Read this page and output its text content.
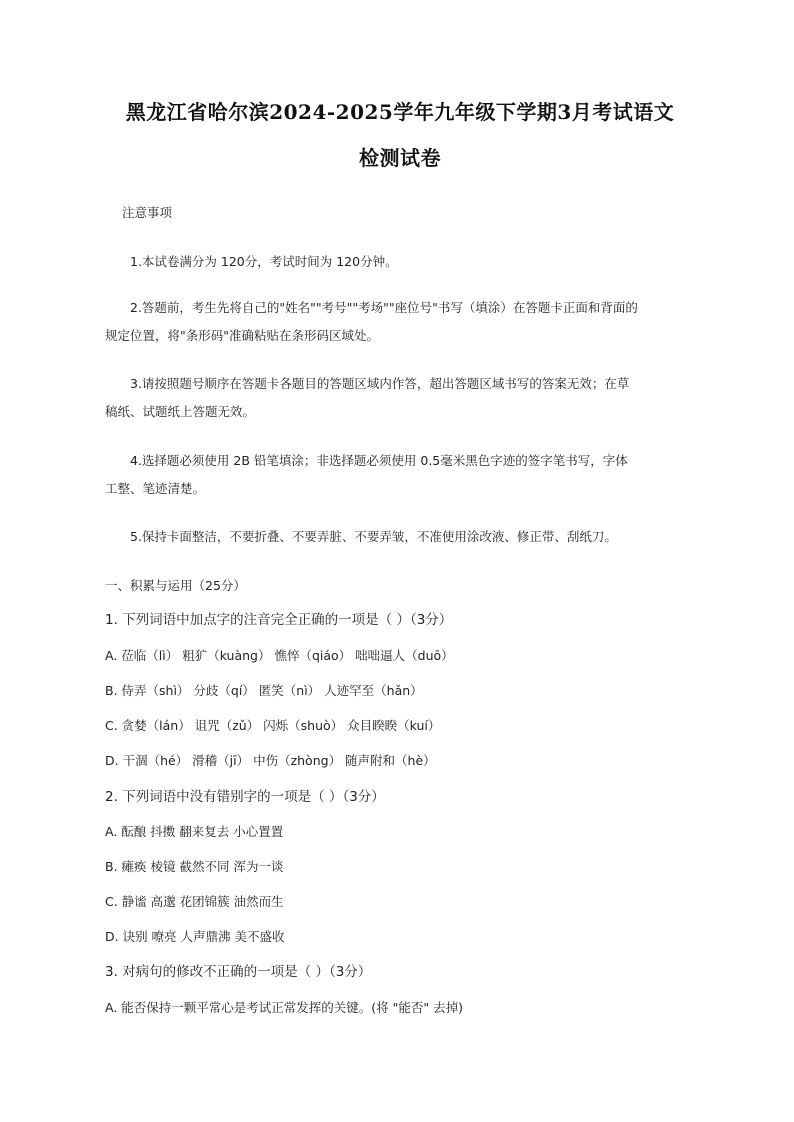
黑龙江省哈尔滨2024-2025学年九年级下学期3月考试语文
检测试卷
注意事项
1.本试卷满分为 120分，考试时间为 120分钟。
2.答题前，考生先将自己的"姓名""考号""考场""座位号"书写（填涂）在答题卡正面和背面的
规定位置，将"条形码"准确粘贴在条形码区域处。
3.请按照题号顺序在答题卡各题目的答题区域内作答，超出答题区域书写的答案无效；在草
稿纸、试题纸上答题无效。
4.选择题必须使用 2B 铅笔填涂；非选择题必须使用 0.5毫米黑色字迹的签字笔书写，字体
工整、笔迹清楚。
5.保持卡面整洁，不要折叠、不要弄脏、不要弄皱，不准使用涂改液、修正带、刮纸刀。
一、积累与运用（25分）
1. 下列词语中加点字的注音完全正确的一项是（ ）（3分）
A. 莅临（lì） 粗犷（kuàng） 憔悴（qiáo） 咄咄逼人（duō）
B. 侍弄（shì） 分歧（qí） 匿笑（nì） 人迹罕至（hǎn）
C. 贪婪（lán） 诅咒（zǔ） 闪烁（shuò） 众目睽睽（kuí）
D. 干涸（hé） 滑稽（jī） 中伤（zhòng） 随声附和（hè）
2. 下列词语中没有错别字的一项是（ ）（3分）
A. 酝酿 抖擞 翻来复去 小心置置
B. 瘫痪 棱镜 截然不同 浑为一谈
C. 静谧 高邈 花团锦簇 油然而生
D. 诀别 嘹亮 人声鼎沸 美不盛收
3. 对病句的修改不正确的一项是（ ）（3分）
A. 能否保持一颗平常心是考试正常发挥的关键。(将 "能否" 去掉)
